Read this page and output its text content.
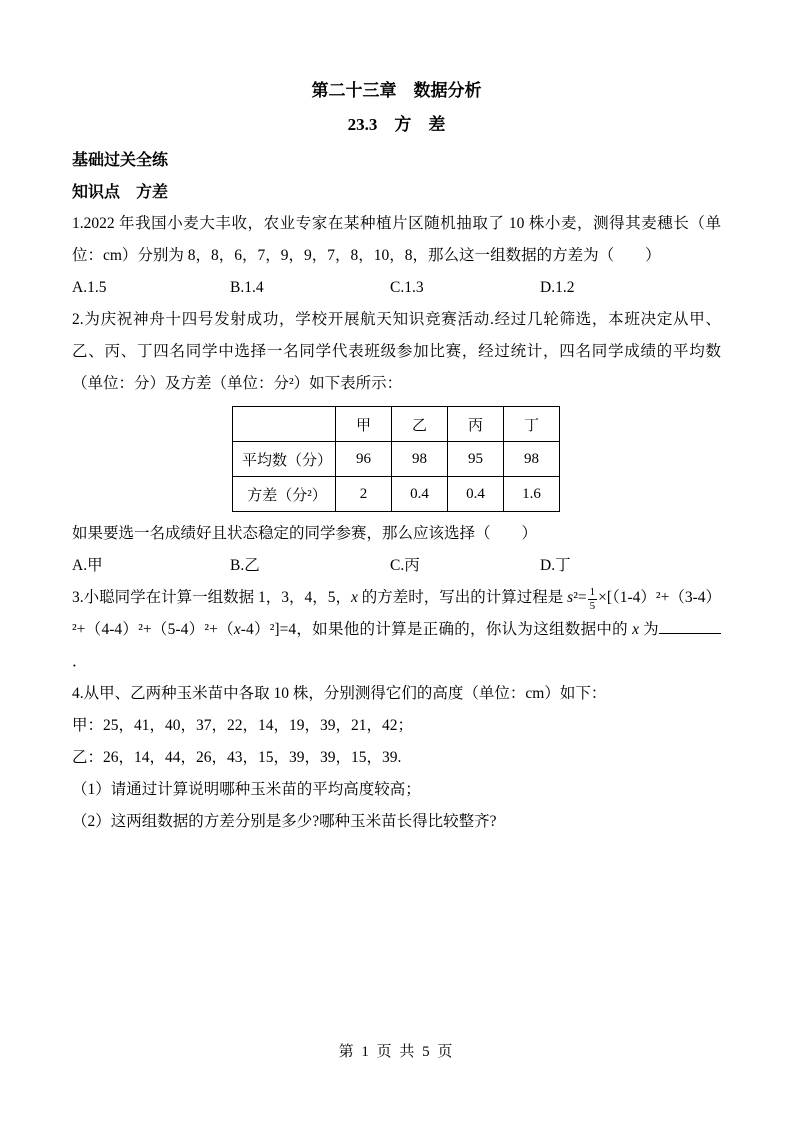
第二十三章　数据分析
23.3　方　差
基础过关全练
知识点　方差
1.2022 年我国小麦大丰收，农业专家在某种植片区随机抽取了 10 株小麦，测得其麦穗长（单位：cm）分别为 8，8，6，7，9，9，7，8，10，8，那么这一组数据的方差为（　　）
A.1.5	B.1.4	C.1.3	D.1.2
2.为庆祝神舟十四号发射成功，学校开展航天知识竞赛活动.经过几轮筛选，本班决定从甲、乙、丙、丁四名同学中选择一名同学代表班级参加比赛，经过统计，四名同学成绩的平均数（单位：分）及方差（单位：分²）如下表所示：
	甲	乙	丙	丁
平均数（分）	96	98	95	98
方差（分²）	2	0.4	0.4	1.6
如果要选一名成绩好且状态稳定的同学参赛，那么应该选择（　　）
A.甲	B.乙	C.丙	D.丁
3.小聪同学在计算一组数据 1，3，4，5，x 的方差时，写出的计算过程是 $s^2= \frac{1}{5} \times[(1-4)^2+(3-4)^2+(4-4)^2+(5-4)^2+(x-4)^2]=4$，如果他的计算是正确的，你认为这组数据中的 x 为．
4.从甲、乙两种玉米苗中各取 10 株，分别测得它们的高度（单位：cm）如下：
甲：25，41，40，37，22，14，19，39，21，42；
乙：26，14，44，26，43，15，39，39，15，39.
（1）请通过计算说明哪种玉米苗的平均高度较高；
（2）这两组数据的方差分别是多少?哪种玉米苗长得比较整齐?
第 1 页 共 5 页
